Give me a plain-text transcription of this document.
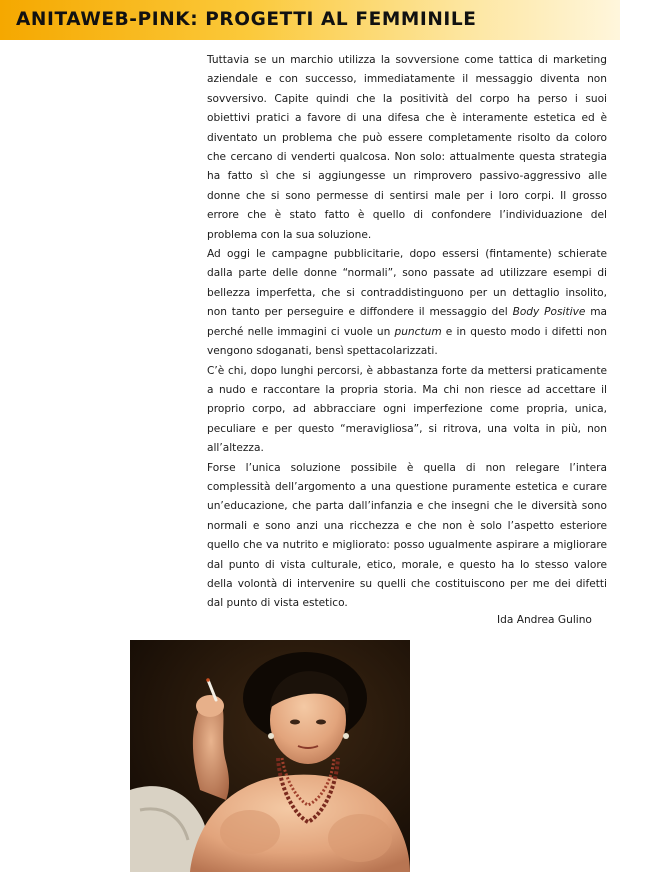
ANITAWEB-PINK: PROGETTI AL FEMMINILE

Tuttavia se un marchio utilizza la sovversione come tattica di marketing aziendale e con successo, immediatamente il messaggio diventa non sovversivo. Capite quindi che la positività del corpo ha perso i suoi obiettivi pratici a favore di una difesa che è interamente estetica ed è diventato un problema che può essere completamente risolto da coloro che cercano di venderti qualcosa. Non solo: attualmente questa strategia ha fatto sì che si aggiungesse un rimprovero passivo-aggressivo alle donne che si sono permesse di sentirsi male per i loro corpi. Il grosso errore che è stato fatto è quello di confondere l’individuazione del problema con la sua soluzione.

Ad oggi le campagne pubblicitarie, dopo essersi (fintamente) schierate dalla parte delle donne “normali”, sono passate ad utilizzare esempi di bellezza imperfetta, che si contraddistinguono per un dettaglio insolito, non tanto per perseguire e diffondere il messaggio del Body Positive ma perché nelle immagini ci vuole un punctum e in questo modo i difetti non vengono sdoganati, bensì spettacolarizzati.

C’è chi, dopo lunghi percorsi, è abbastanza forte da mettersi praticamente a nudo e raccontare la propria storia. Ma chi non riesce ad accettare il proprio corpo, ad abbracciare ogni imperfezione come propria, unica, peculiare e per questo “meravigliosa”, si ritrova, una volta in più, non all’altezza.

Forse l’unica soluzione possibile è quella di non relegare l’intera complessità dell’argomento a una questione puramente estetica e curare un’educazione, che parta dall’infanzia e che insegni che le diversità sono normali e sono anzi una ricchezza e che non è solo l’aspetto esteriore quello che va nutrito e migliorato: posso ugualmente aspirare a migliorare dal punto di vista culturale, etico, morale, e questo ha lo stesso valore della volontà di intervenire su quelli che costituiscono per me dei difetti dal punto di vista estetico.

Ida Andrea Gulino
